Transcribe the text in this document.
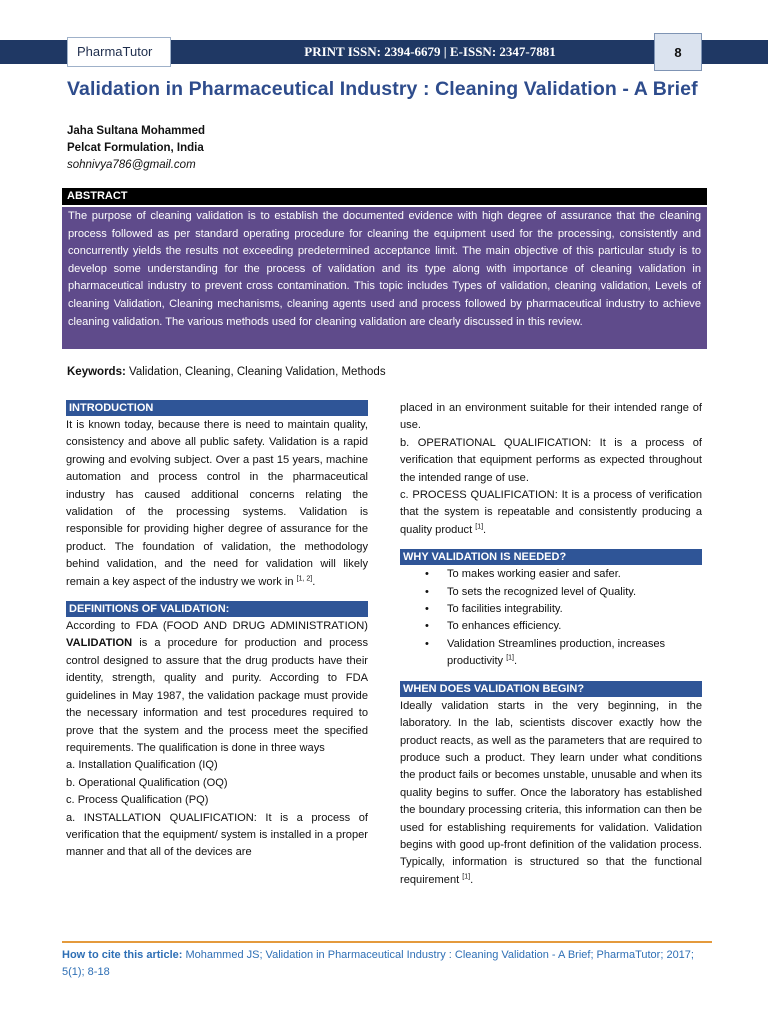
PharmaTutor	PRINT ISSN: 2394-6679 | E-ISSN: 2347-7881	8
Validation in Pharmaceutical Industry : Cleaning Validation - A Brief
Jaha Sultana Mohammed
Pelcat Formulation, India
sohnivya786@gmail.com
ABSTRACT
The purpose of cleaning validation is to establish the documented evidence with high degree of assurance that the cleaning process followed as per standard operating procedure for cleaning the equipment used for the processing, consistently and concurrently yields the results not exceeding predetermined acceptance limit. The main objective of this particular study is to develop some understanding for the process of validation and its type along with importance of cleaning validation in pharmaceutical industry to prevent cross contamination. This topic includes Types of validation, cleaning validation, Levels of cleaning Validation, Cleaning mechanisms, cleaning agents used and process followed by pharmaceutical industry to achieve cleaning validation. The various methods used for cleaning validation are clearly discussed in this review.
Keywords: Validation, Cleaning, Cleaning Validation, Methods
INTRODUCTION

It is known today, because there is need to maintain quality, consistency and above all public safety. Validation is a rapid growing and evolving subject. Over a past 15 years, machine automation and process control in the pharmaceutical industry has caused additional concerns relating the validation of the processing systems. Validation is responsible for providing higher degree of assurance for the product. The foundation of validation, the methodology behind validation, and the need for validation will likely remain a key aspect of the industry we work in [1, 2].

DEFINITIONS OF VALIDATION:

According to FDA (FOOD AND DRUG ADMINISTRATION) VALIDATION is a procedure for production and process control designed to assure that the drug products have their identity, strength, quality and purity. According to FDA guidelines in May 1987, the validation package must provide the necessary information and test procedures required to prove that the system and the process meet the specified requirements. The qualification is done in three ways

a. Installation Qualification (IQ)
b. Operational Qualification (OQ)
c. Process Qualification (PQ)

a. INSTALLATION QUALIFICATION: It is a process of verification that the equipment/ system is installed in a proper manner and that all of the devices are

placed in an environment suitable for their intended range of use.

b. OPERATIONAL QUALIFICATION: It is a process of verification that equipment performs as expected throughout the intended range of use.

c. PROCESS QUALIFICATION: It is a process of verification that the system is repeatable and consistently producing a quality product [1].

WHY VALIDATION IS NEEDED?
• To makes working easier and safer.
• To sets the recognized level of Quality.
• To facilities integrability.
• To enhances efficiency.
• Validation Streamlines production, increases productivity [1].
WHEN DOES VALIDATION BEGIN?

Ideally validation starts in the very beginning, in the laboratory. In the lab, scientists discover exactly how the product reacts, as well as the parameters that are required to produce such a product. They learn under what conditions the product fails or becomes unstable, unusable and when its quality begins to suffer. Once the laboratory has established the boundary processing criteria, this information can then be used for establishing requirements for validation. Validation begins with good up-front definition of the validation process. Typically, information is structured so that the functional requirement [1].

How to cite this article: Mohammed JS; Validation in Pharmaceutical Industry : Cleaning Validation - A Brief; PharmaTutor; 2017; 5(1); 8-18
